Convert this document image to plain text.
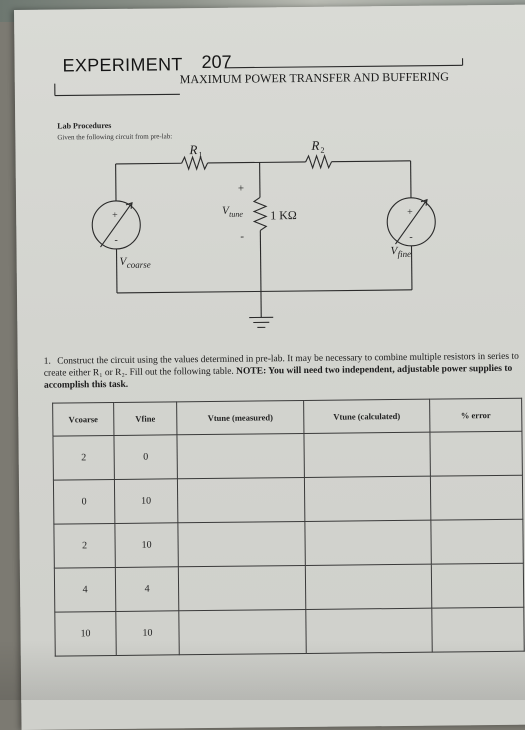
EXPERIMENT 207
MAXIMUM POWER TRANSFER AND BUFFERING
Lab Procedures
Given the following circuit from pre-lab:
R 1
R 2
+
V tune
-
1 KΩ
+
-
V coarse
+
-
V fine
1. Construct the circuit using the values determined in pre-lab. It may be necessary to combine multiple resistors in series to create either R₁ or R₂. Fill out the following table. NOTE: You will need two independent, adjustable power supplies to accomplish this task.
Vcoarse	Vfine	Vtune (measured)	Vtune (calculated)	% error
2	0			
0	10			
2	10			
4	4			
10	10			
